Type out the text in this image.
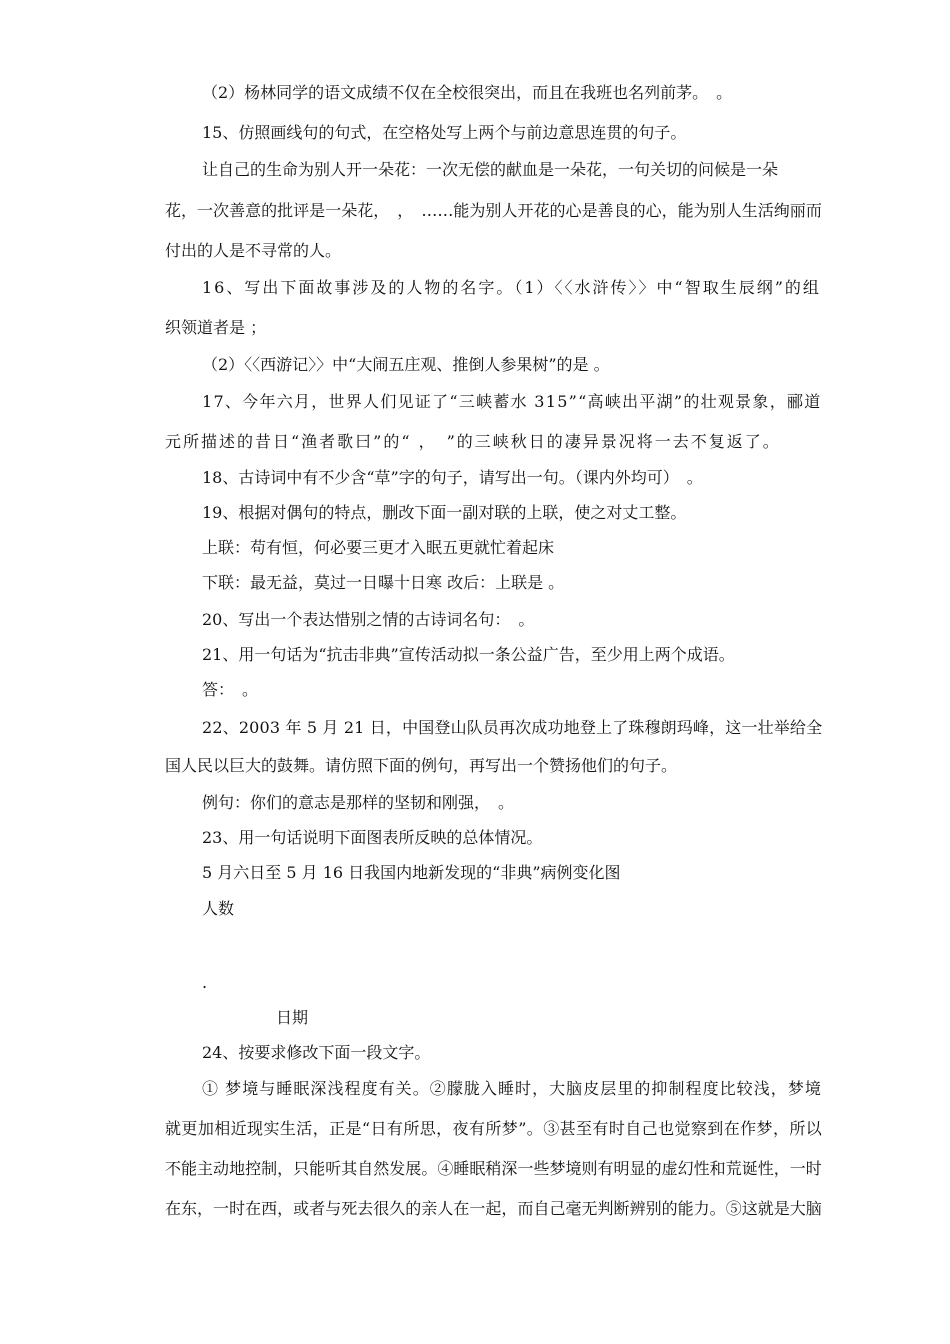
（2）杨林同学的语文成绩不仅在全校很突出，而且在我班也名列前茅。　。
15、仿照画线句的句式，在空格处写上两个与前边意思连贯的句子。
让自己的生命为别人开一朵花：一次无偿的献血是一朵花，一句关切的问候是一朵
花，一次善意的批评是一朵花，　，　……能为别人开花的心是善良的心，能为别人生活绚丽而
付出的人是不寻常的人。
16、写出下面故事涉及的人物的名字。（1）〈〈水浒传〉〉中“智取生辰纲”的组
织领道者是 ；
（2）〈〈西游记〉〉中“大闹五庄观、推倒人参果树”的是 。
17、今年六月，世界人们见证了“三峡蓄水 315”“高峡出平湖”的壮观景象，郦道
元所描述的昔日“渔者歌曰”的“ ，　”的三峡秋日的凄异景况将一去不复返了。
18、古诗词中有不少含“草”字的句子，请写出一句。（课内外均可）　。
19、根据对偶句的特点，删改下面一副对联的上联，使之对丈工整。
上联：苟有恒，何必要三更才入眠五更就忙着起床
下联：最无益，莫过一日曝十日寒 改后：上联是 。
20、写出一个表达惜别之情的古诗词名句：　。
21、用一句话为“抗击非典”宣传活动拟一条公益广告，至少用上两个成语。
答：　。
22、2003 年 5 月 21 日，中国登山队员再次成功地登上了珠穆朗玛峰，这一壮举给全
国人民以巨大的鼓舞。请仿照下面的例句，再写出一个赞扬他们的句子。
例句：你们的意志是那样的坚韧和刚强，　。
23、用一句话说明下面图表所反映的总体情况。
5 月六日至 5 月 16 日我国内地新发现的“非典”病例变化图
人数
.
日期
24、按要求修改下面一段文字。
① 梦境与睡眠深浅程度有关。②朦胧入睡时，大脑皮层里的抑制程度比较浅，梦境
就更加相近现实生活，正是“日有所思，夜有所梦”。③甚至有时自己也觉察到在作梦，所以
不能主动地控制，只能听其自然发展。④睡眠稍深一些梦境则有明显的虚幻性和荒诞性，一时
在东，一时在西，或者与死去很久的亲人在一起，而自己毫无判断辨别的能力。⑤这就是大脑
